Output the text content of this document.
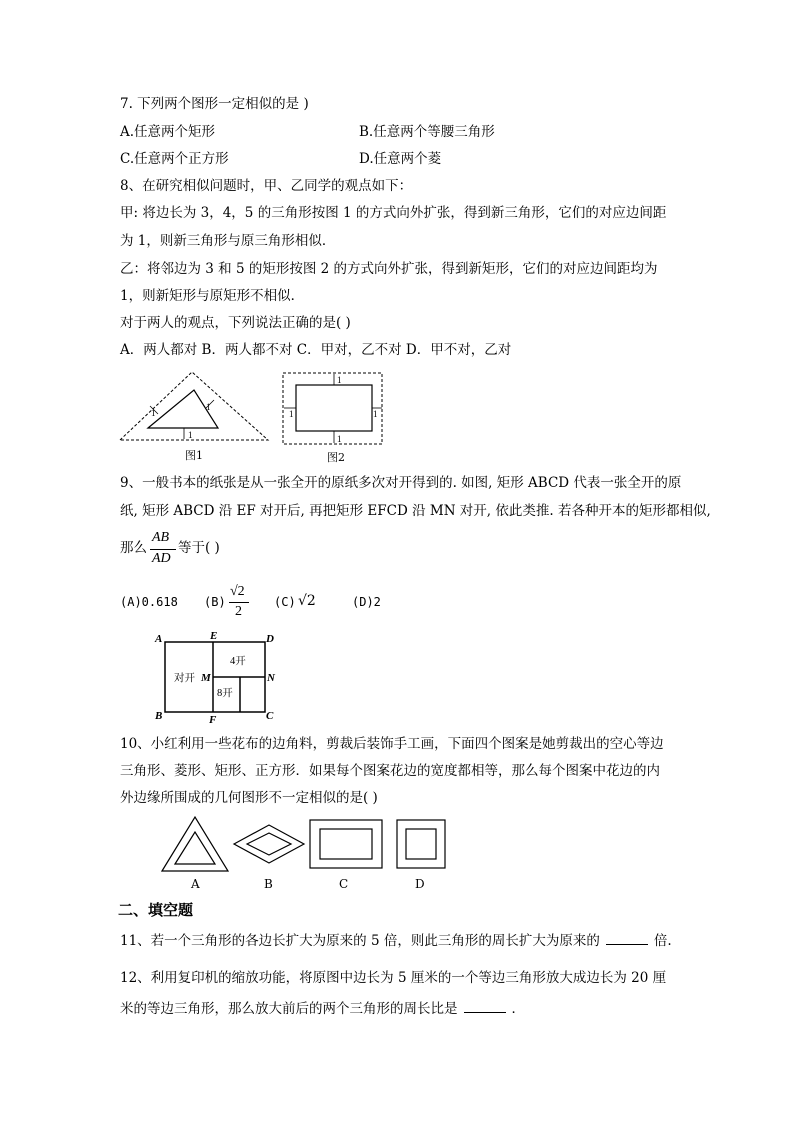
7. 下列两个图形一定相似的是 )
A.任意两个矩形	B.任意两个等腰三角形
C.任意两个正方形	D.任意两个菱
8、在研究相似问题时，甲、乙同学的观点如下：
甲: 将边长为 3，4，5 的三角形按图 1 的方式向外扩张，得到新三角形，它们的对应边间距
为 1，则新三角形与原三角形相似．
乙：将邻边为 3 和 5 的矩形按图 2 的方式向外扩张，得到新矩形，它们的对应边间距均为
1，则新矩形与原矩形不相似．
对于两人的观点，下列说法正确的是( )
A．两人都对 B．两人都不对 C．甲对，乙不对 D．甲不对，乙对
1
1
1
图1
1
1
1	1
图2
9、一般书本的纸张是从一张全开的原纸多次对开得到的. 如图, 矩形 ABCD 代表一张全开的原
纸, 矩形 ABCD 沿 EF 对开后, 再把矩形 EFCD 沿 MN 对开, 依此类推. 若各种开本的矩形都相似,
那么
AB
AD
等于( )
(A)0.618 (B)
√2
2
(C) √2	(D)2
A
B	C
D
E
F
M	N
对开
4开
8开
10、小红利用一些花布的边角料，剪裁后装饰手工画，下面四个图案是她剪裁出的空心等边
三角形、菱形、矩形、正方形．如果每个图案花边的宽度都相等，那么每个图案中花边的内
外边缘所围成的几何图形不一定相似的是( )
A	B	C	D
二、填空题
11、若一个三角形的各边长扩大为原来的 5 倍，则此三角形的周长扩大为原来的	倍.
12、利用复印机的缩放功能，将原图中边长为 5 厘米的一个等边三角形放大成边长为 20 厘
米的等边三角形，那么放大前后的两个三角形的周长比是	．
